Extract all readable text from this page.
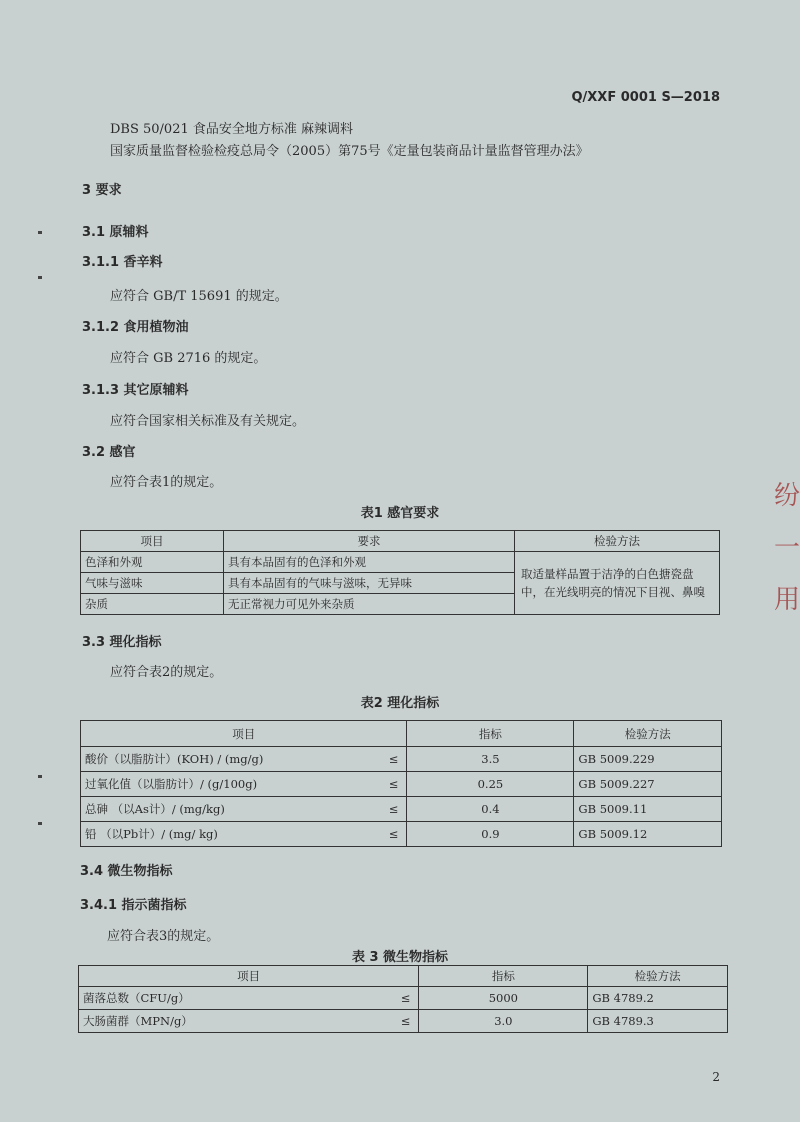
Q/XXF 0001 S—2018
DBS 50/021 食品安全地方标准 麻辣调料
国家质量监督检验检疫总局令（2005）第75号《定量包装商品计量监督管理办法》
3 要求
3.1 原辅料
3.1.1 香辛料
应符合 GB/T 15691 的规定。
3.1.2 食用植物油
应符合 GB 2716 的规定。
3.1.3 其它原辅料
应符合国家相关标准及有关规定。
3.2 感官
应符合表1的规定。
表1 感官要求
项目	要求	检验方法
色泽和外观	具有本品固有的色泽和外观	取适量样品置于洁净的白色搪瓷盘中，在光线明亮的情况下目视、鼻嗅
气味与滋味	具有本品固有的气味与滋味，无异味	
杂质	无正常视力可见外来杂质	
3.3 理化指标
应符合表2的规定。
表2 理化指标
项目		指标	检验方法
酸价（以脂肪计）(KOH) / (mg/g)	≤	3.5	GB 5009.229
过氧化值（以脂肪计）/ (g/100g)	≤	0.25	GB 5009.227
总砷 （以As计）/ (mg/kg)	≤	0.4	GB 5009.11
铅 （以Pb计）/ (mg/ kg)	≤	0.9	GB 5009.12
3.4 微生物指标
3.4.1 指示菌指标
应符合表3的规定。
表 3 微生物指标
项目		指标	检验方法
菌落总数（CFU/g）	≤	5000	GB 4789.2
大肠菌群（MPN/g）	≤	3.0	GB 4789.3
2
纷 一 用
